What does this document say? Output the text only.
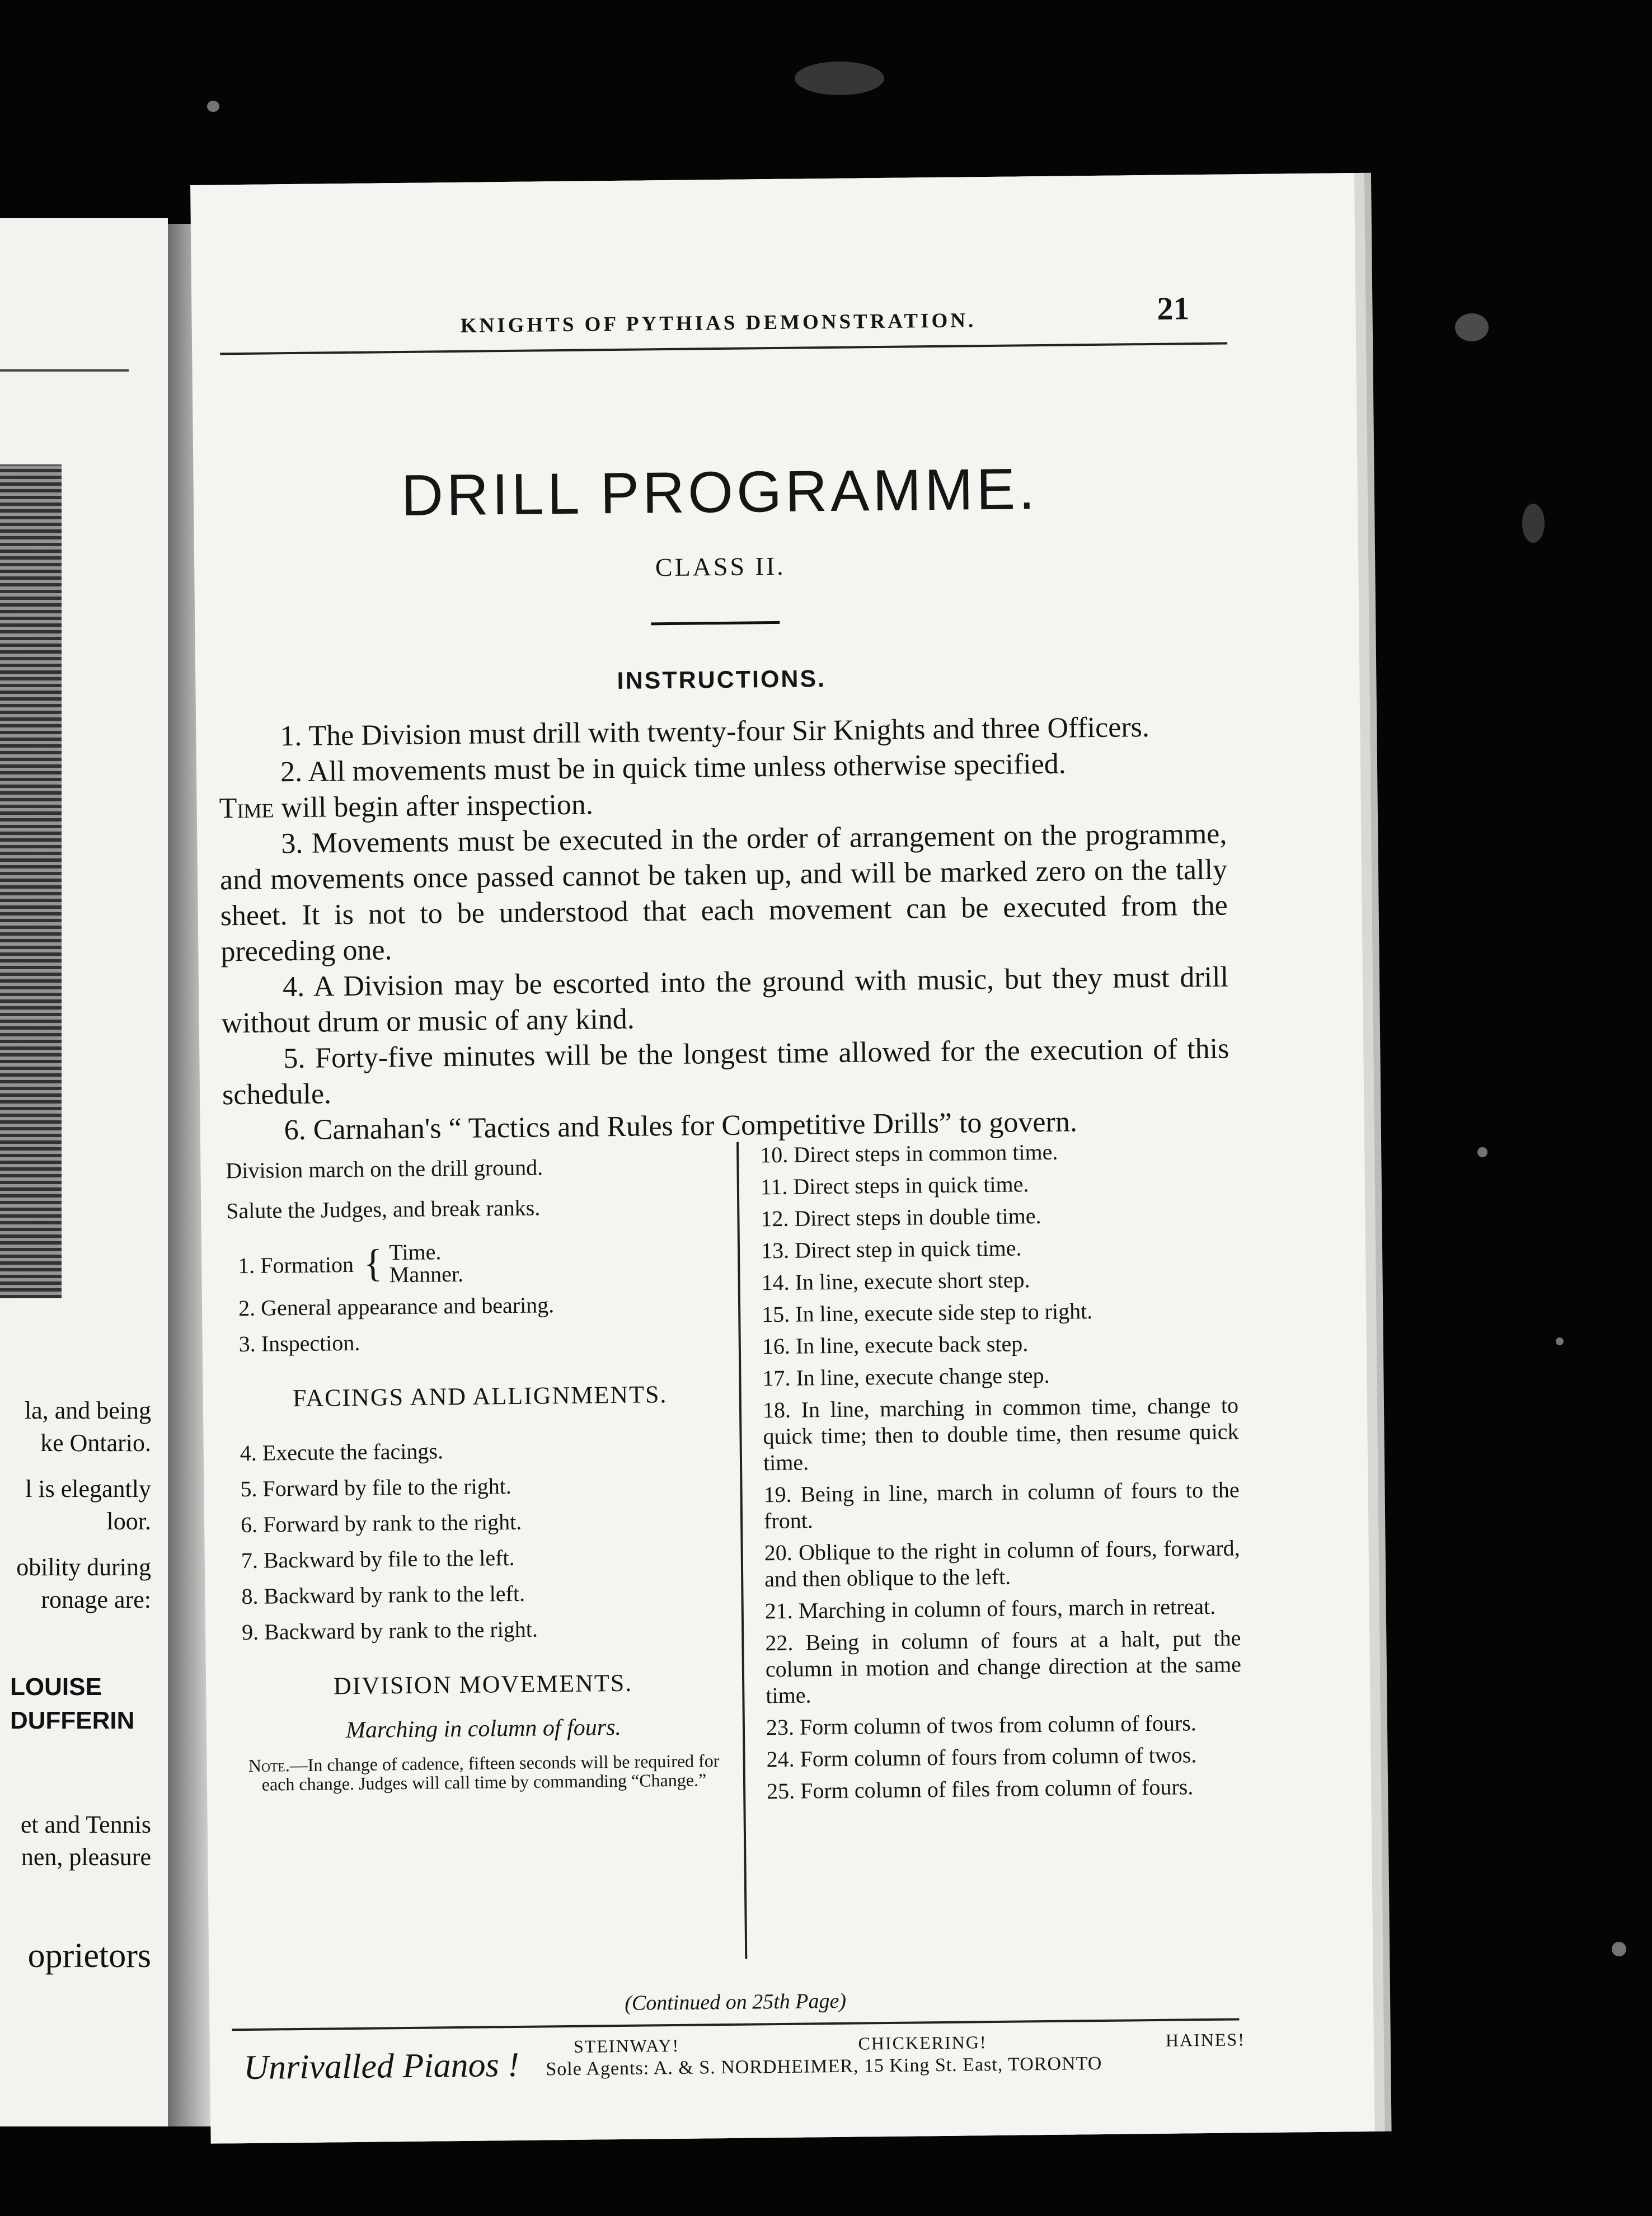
la, and being
ke Ontario.
l is elegantly
loor.
obility during
ronage are:
LOUISE
DUFFERIN
et and Tennis
nen, pleasure
oprietors
KNIGHTS OF PYTHIAS DEMONSTRATION.	21
DRILL PROGRAMME.
CLASS II.
INSTRUCTIONS.

1. The Division must drill with twenty-four Sir Knights and three Officers.

2. All movements must be in quick time unless otherwise specified.

Time will begin after inspection.

3. Movements must be executed in the order of arrangement on the programme, and movements once passed cannot be taken up, and will be marked zero on the tally sheet. It is not to be understood that each movement can be executed from the preceding one.

4. A Division may be escorted into the ground with music, but they must drill without drum or music of any kind.

5. Forty-five minutes will be the longest time allowed for the execution of this schedule.

6. Carnahan's “ Tactics and Rules for Competitive Drills” to govern.

Division march on the drill ground.
Salute the Judges, and break ranks.
1. Formation { Time.
Manner.
2. General appearance and bearing.
3. Inspection.
FACINGS AND ALLIGNMENTS.
4. Execute the facings.
5. Forward by file to the right.
6. Forward by rank to the right.
7. Backward by file to the left.
8. Backward by rank to the left.
9. Backward by rank to the right.
DIVISION MOVEMENTS.
Marching in column of fours.
Note.—In change of cadence, fifteen seconds will be required for each change. Judges will call time by commanding “Change.”
10. Direct steps in common time.
11. Direct steps in quick time.
12. Direct steps in double time.
13. Direct step in quick time.
14. In line, execute short step.
15. In line, execute side step to right.
16. In line, execute back step.
17. In line, execute change step.
18. In line, marching in common time, change to quick time; then to double time, then resume quick time.
19. Being in line, march in column of fours to the front.
20. Oblique to the right in column of fours, forward, and then oblique to the left.
21. Marching in column of fours, march in retreat.
22. Being in column of fours at a halt, put the column in motion and change direction at the same time.
23. Form column of twos from column of fours.
24. Form column of fours from column of twos.
25. Form column of files from column of fours.
(Continued on 25th Page)
Unrivalled Pianos !
STEINWAY!	CHICKERING!	HAINES!
Sole Agents: A. & S. NORDHEIMER, 15 King St. East, TORONTO
